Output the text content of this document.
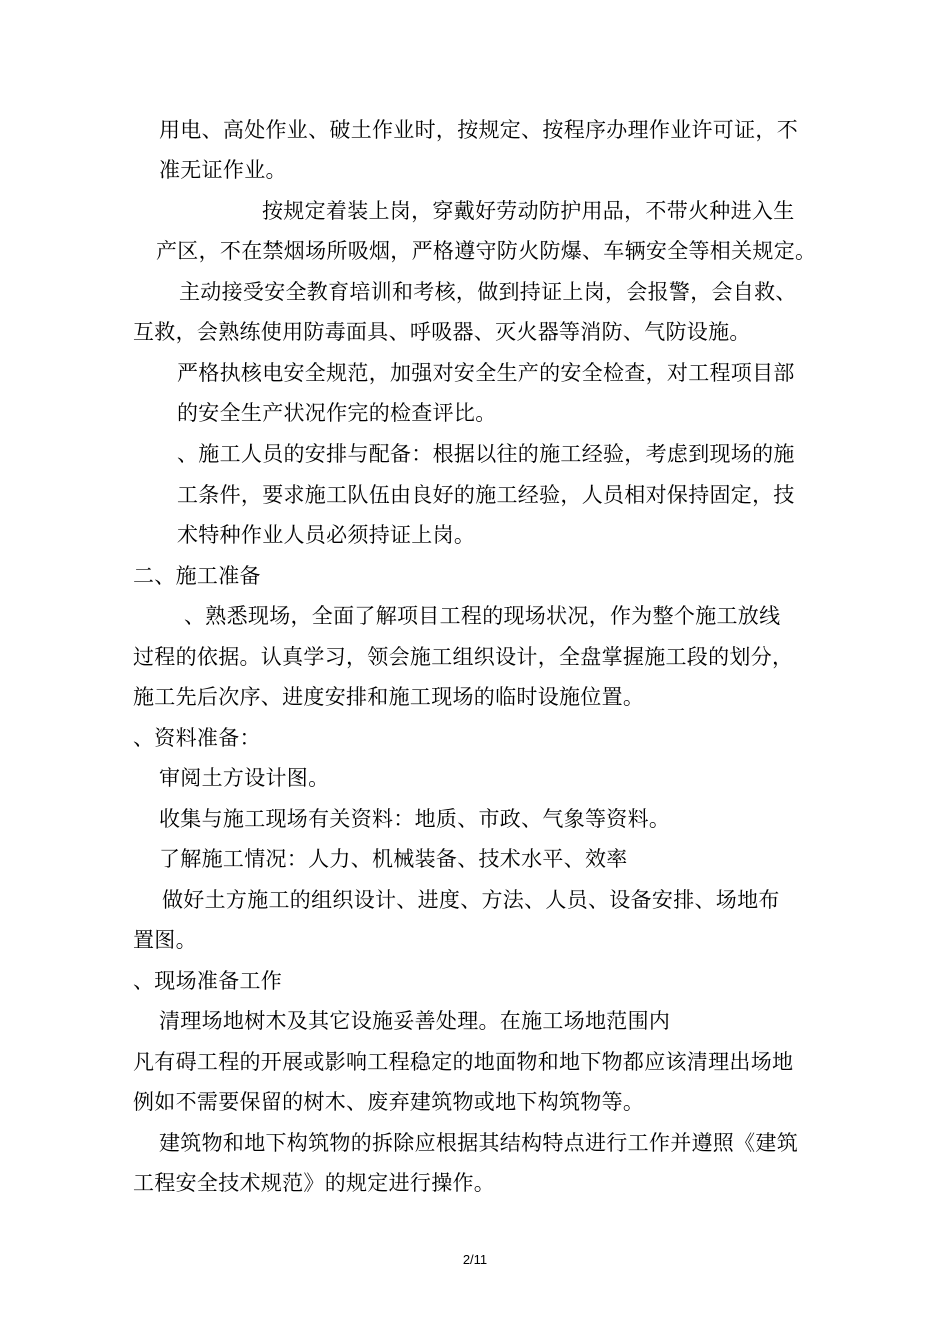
用电、高处作业、破土作业时，按规定、按程序办理作业许可证，不
准无证作业。
按规定着装上岗，穿戴好劳动防护用品，不带火种进入生
产区，不在禁烟场所吸烟，严格遵守防火防爆、车辆安全等相关规定。
主动接受安全教育培训和考核，做到持证上岗，会报警，会自救、
互救，会熟练使用防毒面具、呼吸器、灭火器等消防、气防设施。
严格执核电安全规范，加强对安全生产的安全检查，对工程项目部
的安全生产状况作完的检查评比。
、施工人员的安排与配备：根据以往的施工经验，考虑到现场的施
工条件，要求施工队伍由良好的施工经验，人员相对保持固定，技
术特种作业人员必须持证上岗。
二、施工准备
、熟悉现场，全面了解项目工程的现场状况，作为整个施工放线
过程的依据。认真学习，领会施工组织设计，全盘掌握施工段的划分，
施工先后次序、进度安排和施工现场的临时设施位置。
、资料准备：
审阅土方设计图。
收集与施工现场有关资料：地质、市政、气象等资料。
了解施工情况：人力、机械装备、技术水平、效率
做好土方施工的组织设计、进度、方法、人员、设备安排、场地布
置图。
、现场准备工作
清理场地树木及其它设施妥善处理。在施工场地范围内
凡有碍工程的开展或影响工程稳定的地面物和地下物都应该清理出场地
例如不需要保留的树木、废弃建筑物或地下构筑物等。
建筑物和地下构筑物的拆除应根据其结构特点进行工作并遵照《建筑
工程安全技术规范》的规定进行操作。
2/11
